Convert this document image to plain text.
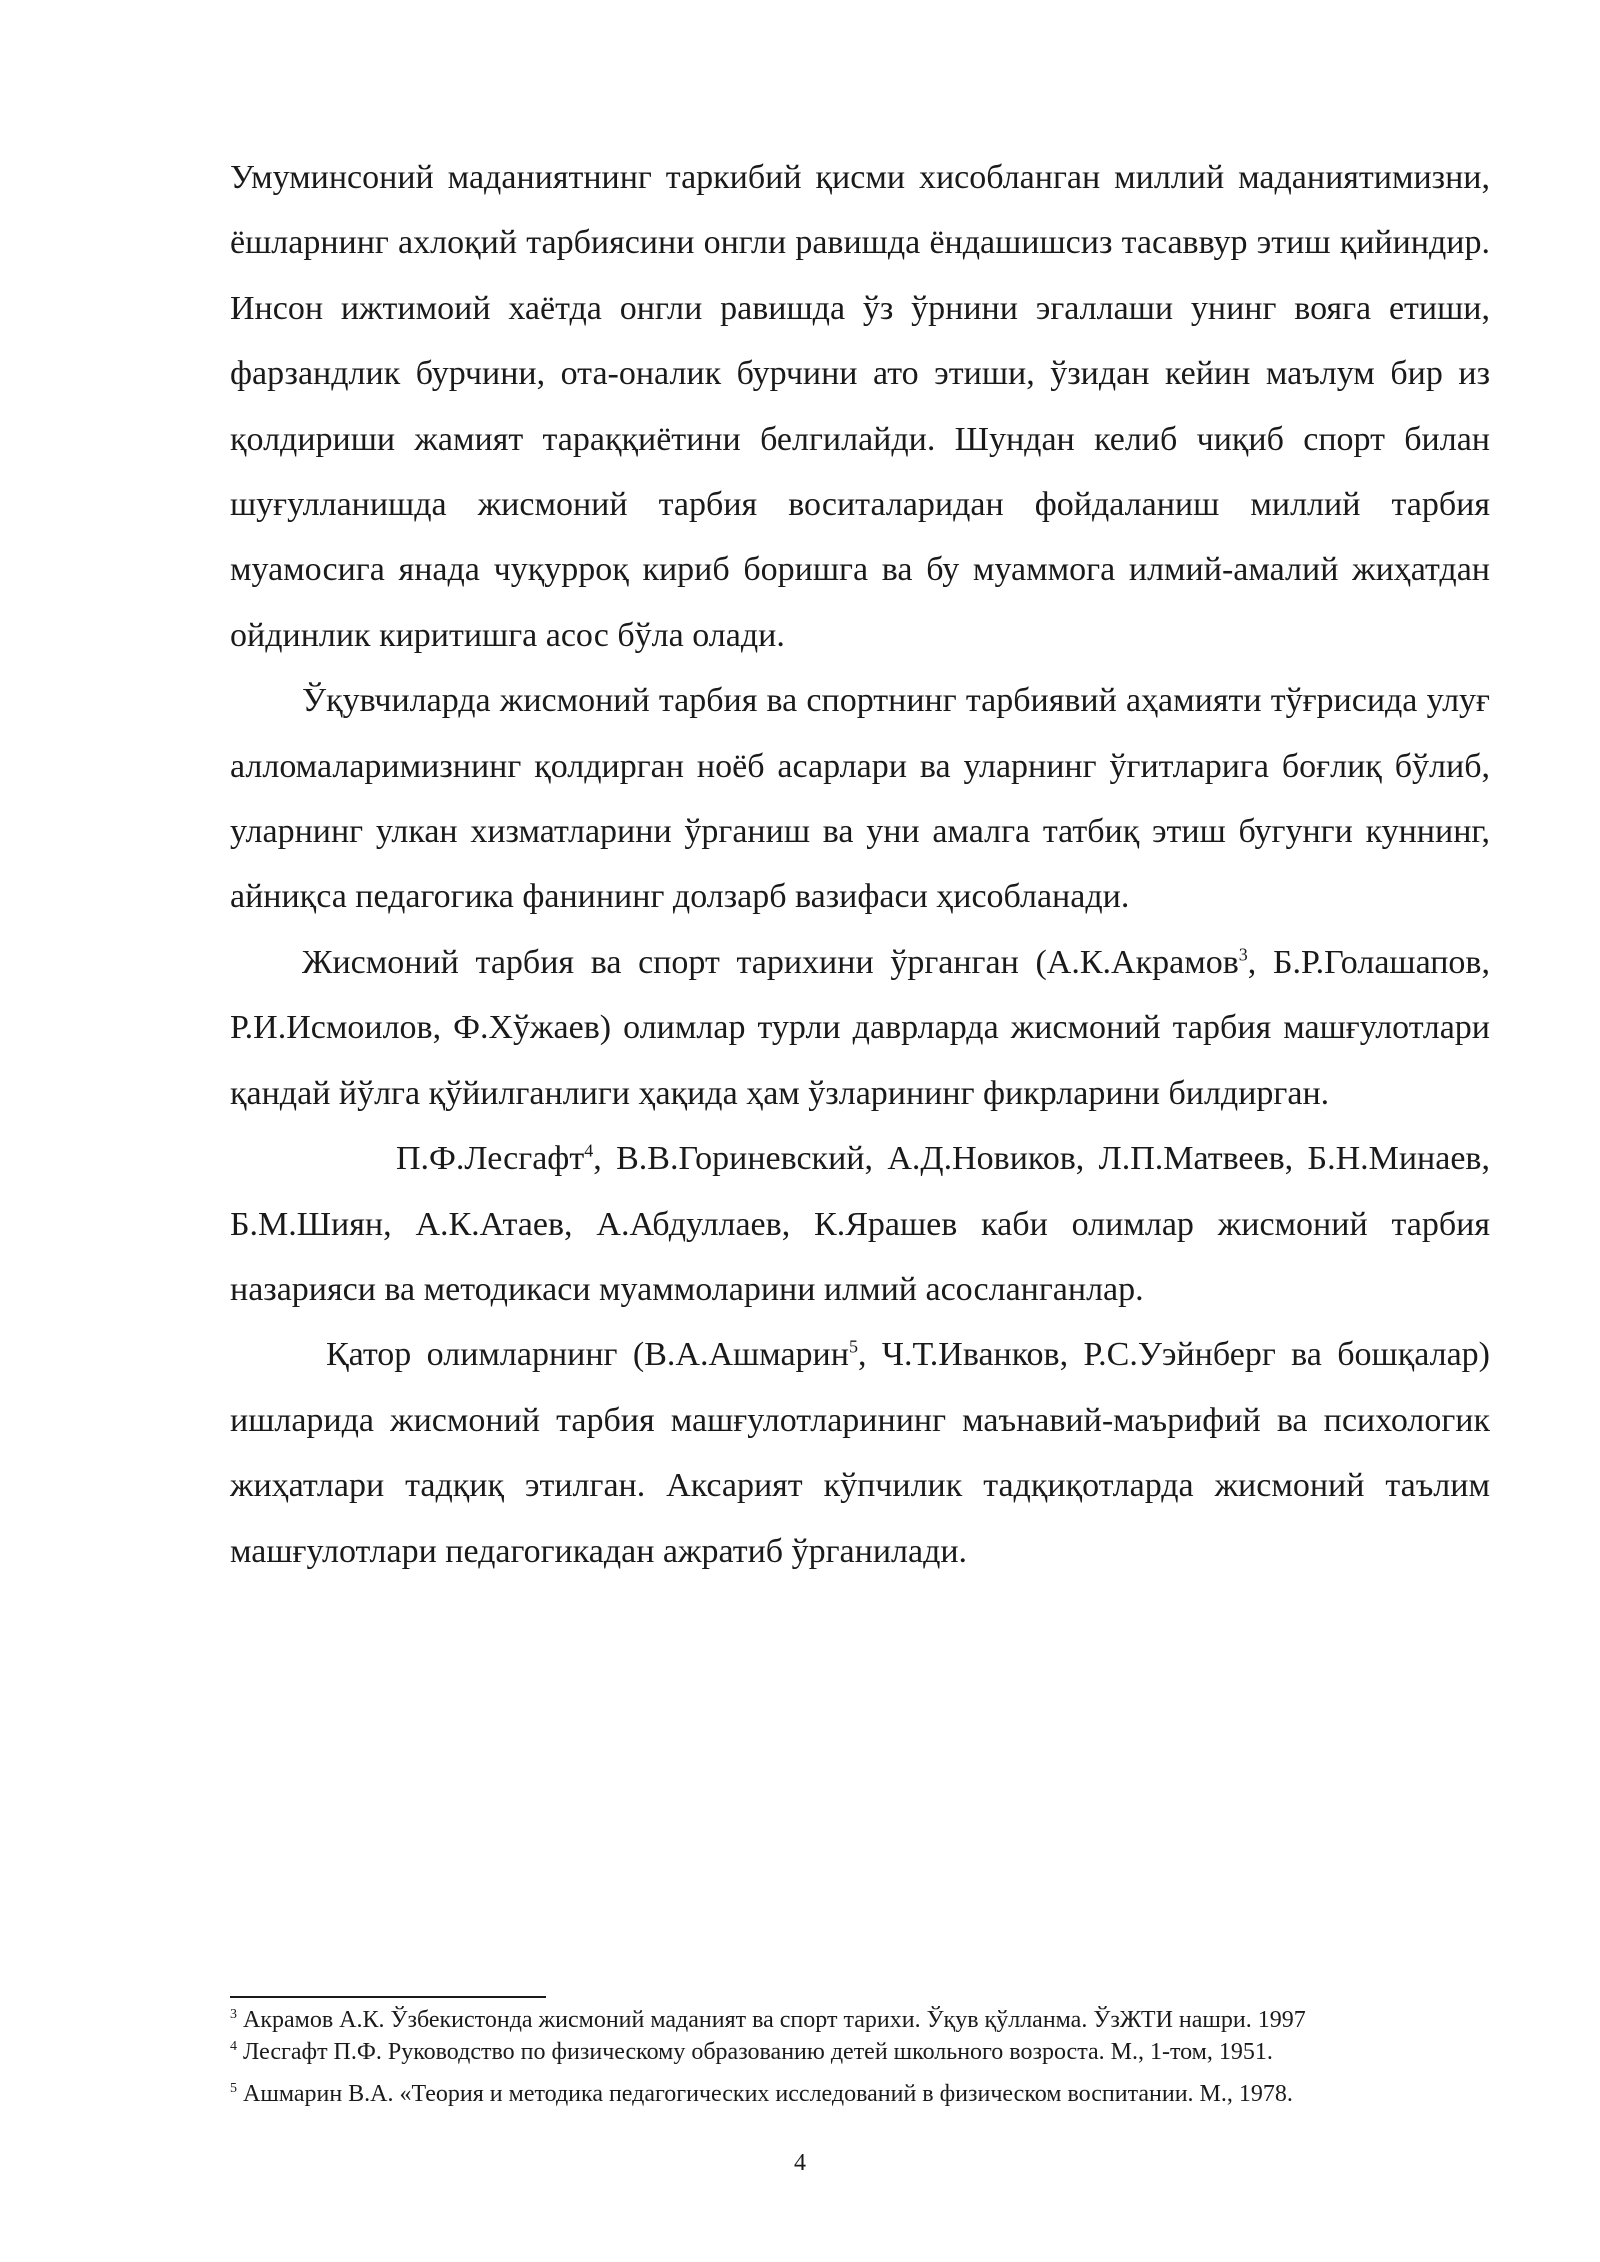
Умуминсоний маданиятнинг таркибий қисми хисобланган миллий маданиятимизни, ёшларнинг ахлоқий тарбиясини онгли равишда ёндашишсиз тасаввур этиш қийиндир. Инсон ижтимоий хаётда онгли равишда ўз ўрнини эгаллаши унинг вояга етиши, фарзандлик бурчини, ота-оналик бурчини ато этиши, ўзидан кейин маълум бир из қолдириши жамият тараққиётини белгилайди. Шундан келиб чиқиб спорт билан шуғулланишда жисмоний тарбия воситаларидан фойдаланиш миллий тарбия муамосига янада чуқурроқ кириб боришга ва бу муаммога илмий-амалий жиҳатдан ойдинлик киритишга асос бўла олади.

Ўқувчиларда жисмоний тарбия ва спортнинг тарбиявий аҳамияти тўғрисида улуғ алломаларимизнинг қолдирган ноёб асарлари ва уларнинг ўгитларига боғлиқ бўлиб, уларнинг улкан хизматларини ўрганиш ва уни амалга татбиқ этиш бугунги куннинг, айниқса педагогика фанининг долзарб вазифаси ҳисобланади.

Жисмоний тарбия ва спорт тарихини ўрганган (А.К.Акрамов$^3$, Б.Р.Голашапов, Р.И.Исмоилов, Ф.Хўжаев) олимлар турли даврларда жисмоний тарбия машғулотлари қандай йўлга қўйилганлиги ҳақида ҳам ўзларининг фикрларини билдирган.

П.Ф.Лесгафт$^4$, В.В.Гориневский, А.Д.Новиков, Л.П.Матвеев, Б.Н.Минаев, Б.М.Шиян, А.К.Атаев, А.Абдуллаев, К.Ярашев каби олимлар жисмоний тарбия назарияси ва методикаси муаммоларини илмий асосланганлар.

Қатор олимларнинг (В.А.Ашмарин$^5$, Ч.Т.Иванков, Р.С.Уэйнберг ва бошқалар) ишларида жисмоний тарбия машғулотларининг маънавий-маърифий ва психологик жиҳатлари тадқиқ этилган. Аксарият кўпчилик тадқиқотларда жисмоний таълим машғулотлари педагогикадан ажратиб ўрганилади.

$^3$ Акрамов А.К. Ўзбекистонда жисмоний маданият ва спорт тарихи. Ўқув қўлланма. ЎзЖТИ нашри. 1997

$^4$ Лесгафт П.Ф. Руководство по физическому образованию детей школьного возроста. М., 1-том, 1951.

$^5$ Ашмарин В.А. «Теория и методика педагогических исследований в физическом воспитании. М., 1978.

4
